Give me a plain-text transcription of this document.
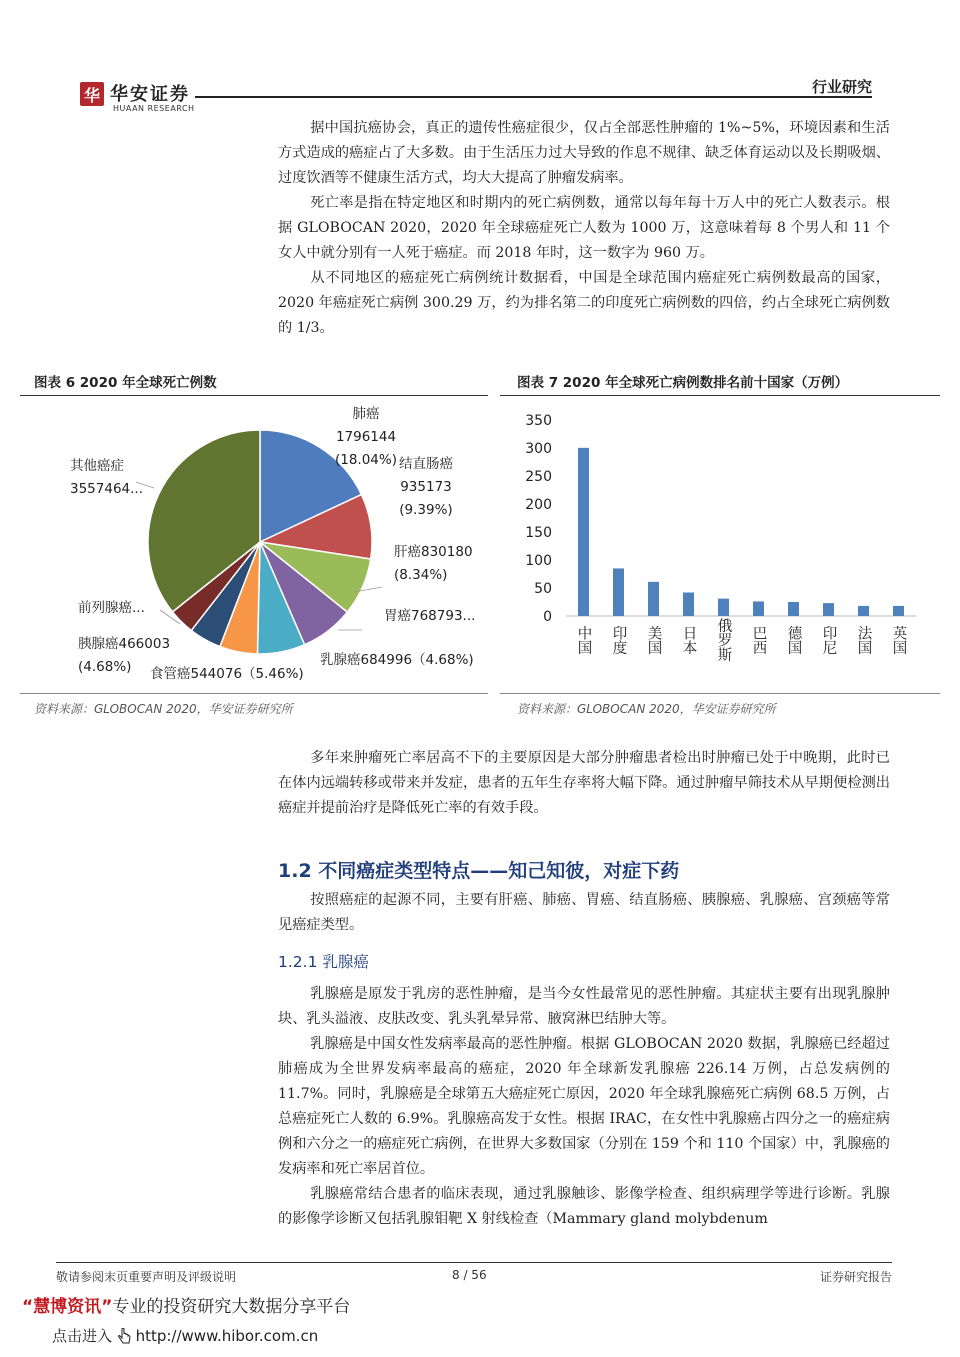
华 华安证券
HUAAN RESEARCH
行业研究

据中国抗癌协会，真正的遗传性癌症很少，仅占全部恶性肿瘤的 1%~5%，环境因素和生活方式造成的癌症占了大多数。由于生活压力过大导致的作息不规律、缺乏体育运动以及长期吸烟、过度饮酒等不健康生活方式，均大大提高了肿瘤发病率。

死亡率是指在特定地区和时期内的死亡病例数，通常以每年每十万人中的死亡人数表示。根据 GLOBOCAN 2020，2020 年全球癌症死亡人数为 1000 万，这意味着每 8 个男人和 11 个女人中就分别有一人死于癌症。而 2018 年时，这一数字为 960 万。

从不同地区的癌症死亡病例统计数据看，中国是全球范围内癌症死亡病例数最高的国家，2020 年癌症死亡病例 300.29 万，约为排名第二的印度死亡病例数的四倍，约占全球死亡病例数的 1/3。

图表 6 2020 年全球死亡例数	图表 7 2020 年全球死亡病例数排名前十国家（万例）
肺癌 1796144 (18.04%) 结直肠癌 935173 (9.39%)
肝癌830180 (8.34%)
胃癌768793...
乳腺癌684996（4.68%)
食管癌544076（5.46%)
胰腺癌466003 (4.68%)
前列腺癌...
其他癌症 3557464...
0
50
100
150
200
250
300
350
中国 印度 美国 日本 俄罗斯 巴西 德国 印尼 法国 英国
资料来源：GLOBOCAN 2020，华安证券研究所	资料来源：GLOBOCAN 2020，华安证券研究所

多年来肿瘤死亡率居高不下的主要原因是大部分肿瘤患者检出时肿瘤已处于中晚期，此时已在体内远端转移或带来并发症，患者的五年生存率将大幅下降。通过肿瘤早筛技术从早期便检测出癌症并提前治疗是降低死亡率的有效手段。

1.2 不同癌症类型特点——知己知彼，对症下药

按照癌症的起源不同，主要有肝癌、肺癌、胃癌、结直肠癌、胰腺癌、乳腺癌、宫颈癌等常见癌症类型。

1.2.1 乳腺癌

乳腺癌是原发于乳房的恶性肿瘤，是当今女性最常见的恶性肿瘤。其症状主要有出现乳腺肿块、乳头溢液、皮肤改变、乳头乳晕异常、腋窝淋巴结肿大等。

乳腺癌是中国女性发病率最高的恶性肿瘤。根据 GLOBOCAN 2020 数据，乳腺癌已经超过肺癌成为全世界发病率最高的癌症，2020 年全球新发乳腺癌 226.14 万例，占总发病例的 11.7%。同时，乳腺癌是全球第五大癌症死亡原因，2020 年全球乳腺癌死亡病例 68.5 万例，占总癌症死亡人数的 6.9%。乳腺癌高发于女性。根据 IRAC，在女性中乳腺癌占四分之一的癌症病例和六分之一的癌症死亡病例，在世界大多数国家（分别在 159 个和 110 个国家）中，乳腺癌的发病率和死亡率居首位。

乳腺癌常结合患者的临床表现，通过乳腺触诊、影像学检查、组织病理学等进行诊断。乳腺的影像学诊断又包括乳腺钼靶 X 射线检查（Mammary gland molybdenum

敬请参阅末页重要声明及评级说明	8 / 56	证券研究报告
“慧博资讯”专业的投资研究大数据分享平台
点击进入 http://www.hibor.com.cn
